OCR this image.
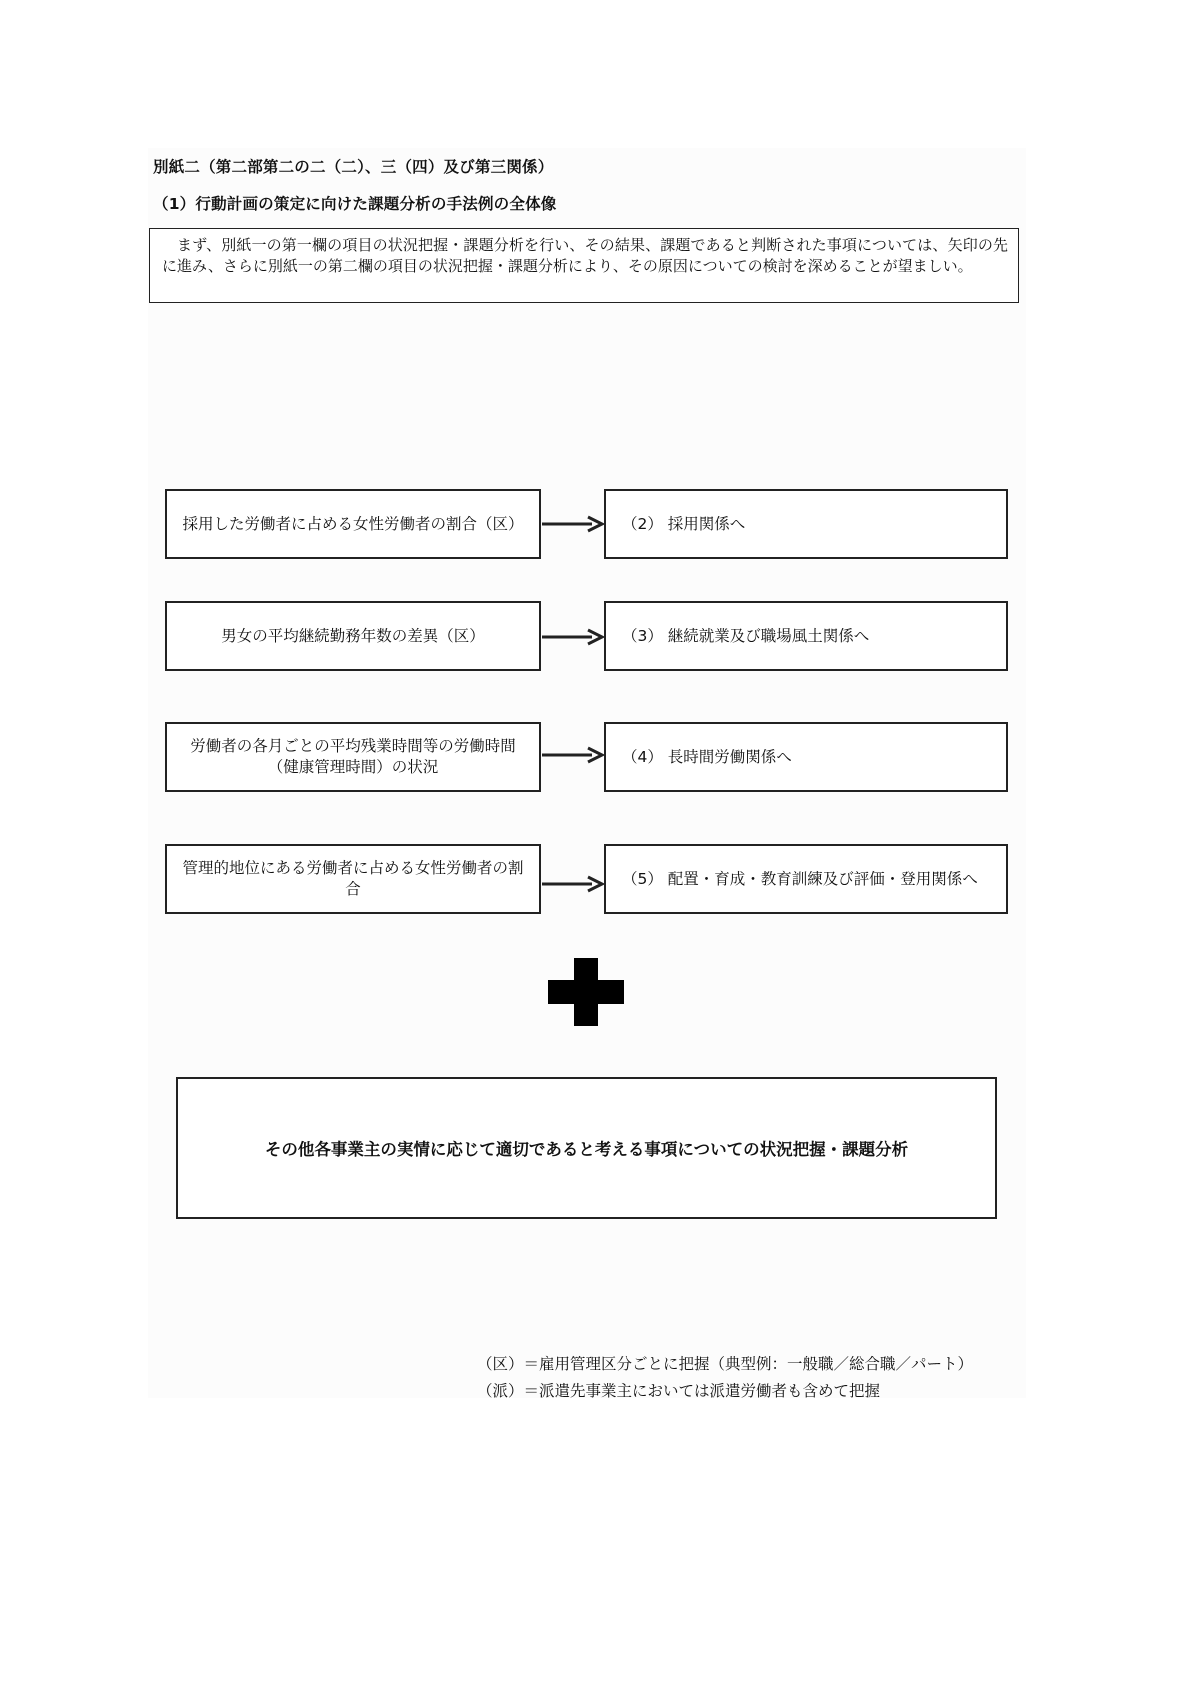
別紙二（第二部第二の二（二）、三（四）及び第三関係）
（1）行動計画の策定に向けた課題分析の手法例の全体像
まず、別紙一の第一欄の項目の状況把握・課題分析を行い、その結果、課題であると判断された事項については、矢印の先に進み、さらに別紙一の第二欄の項目の状況把握・課題分析により、その原因についての検討を深めることが望ましい。
採用した労働者に占める女性労働者の割合（区）	（2） 採用関係へ
男女の平均継続勤務年数の差異（区）	（3） 継続就業及び職場風土関係へ
労働者の各月ごとの平均残業時間等の労働時間（健康管理時間）の状況
（4） 長時間労働関係へ
管理的地位にある労働者に占める女性労働者の割合
（5） 配置・育成・教育訓練及び評価・登用関係へ
その他各事業主の実情に応じて適切であると考える事項についての状況把握・課題分析
（区）＝雇用管理区分ごとに把握（典型例：一般職／総合職／パート）
（派）＝派遣先事業主においては派遣労働者も含めて把握
